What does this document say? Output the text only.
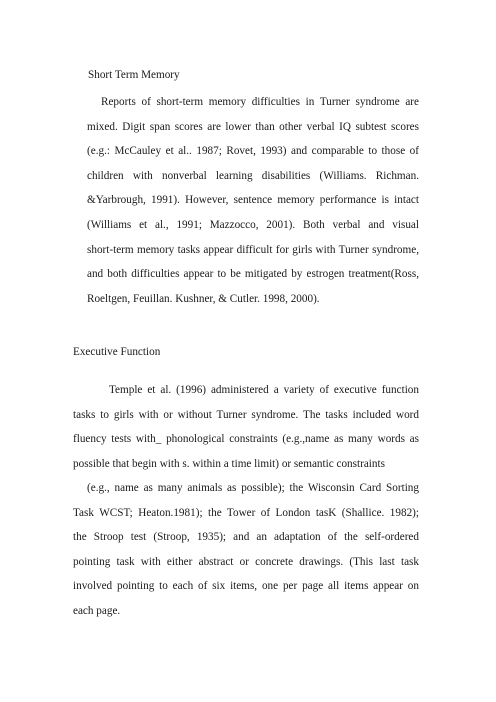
Short Term Memory
Reports of short-term memory difficulties in Turner syndrome are
mixed. Digit span scores are lower than other verbal IQ subtest scores
(e.g.: McCauley et al.. 1987; Rovet, 1993) and comparable to those of
children with nonverbal learning disabilities (Williams. Richman.
&Yarbrough, 1991). However, sentence memory performance is intact
(Williams et al., 1991; Mazzocco, 2001). Both verbal and visual
short-term memory tasks appear difficult for girls with Turner syndrome,
and both difficulties appear to be mitigated by estrogen treatment(Ross,
Roeltgen, Feuillan. Kushner, & Cutler. 1998, 2000).
Executive Function
Temple et al. (1996) administered a variety of executive function
tasks to girls with or without Turner syndrome. The tasks included word
fluency tests with_ phonological constraints (e.g.,name as many words as
possible that begin with s. within a time limit) or semantic constraints
(e.g., name as many animals as possible); the Wisconsin Card Sorting
Task WCST; Heaton.1981); the Tower of London tasK (Shallice. 1982);
the Stroop test (Stroop, 1935); and an adaptation of the self-ordered
pointing task with either abstract or concrete drawings. (This last task
involved pointing to each of six items, one per page all items appear on
each page.
